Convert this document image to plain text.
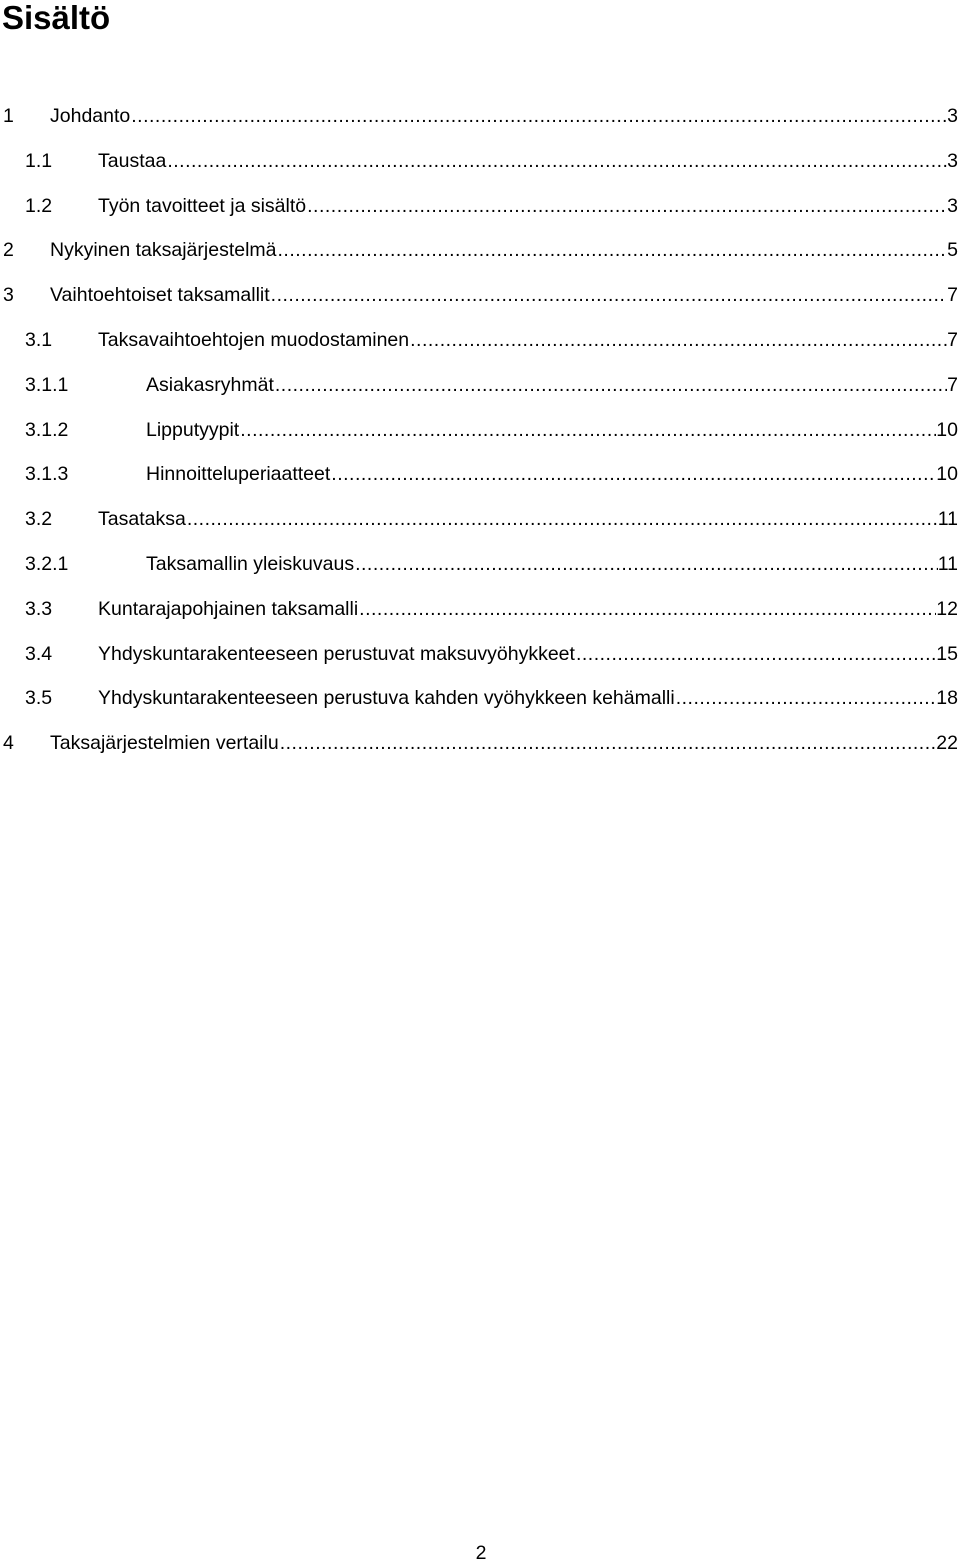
Sisältö
1 Johdanto .....	3
1.1 Taustaa .....	3
1.2 Työn tavoitteet ja sisältö .....	3
2 Nykyinen taksajärjestelmä .....	5
3 Vaihtoehtoiset taksamallit .....	7
3.1 Taksavaihtoehtojen muodostaminen .....	7
3.1.1	Asiakasryhmät .....	7
3.1.2	Lipputyypit .....	10
3.1.3	Hinnoitteluperiaatteet .....	10
3.2 Tasataksa .....	11
3.2.1	Taksamallin yleiskuvaus .....	11
3.3 Kuntarajapohjainen taksamalli .....	12
3.4 Yhdyskuntarakenteeseen perustuvat maksuvyöhykkeet .....	15
3.5 Yhdyskuntarakenteeseen perustuva kahden vyöhykkeen kehämalli .....	18
4 Taksajärjestelmien vertailu .....	22
2
